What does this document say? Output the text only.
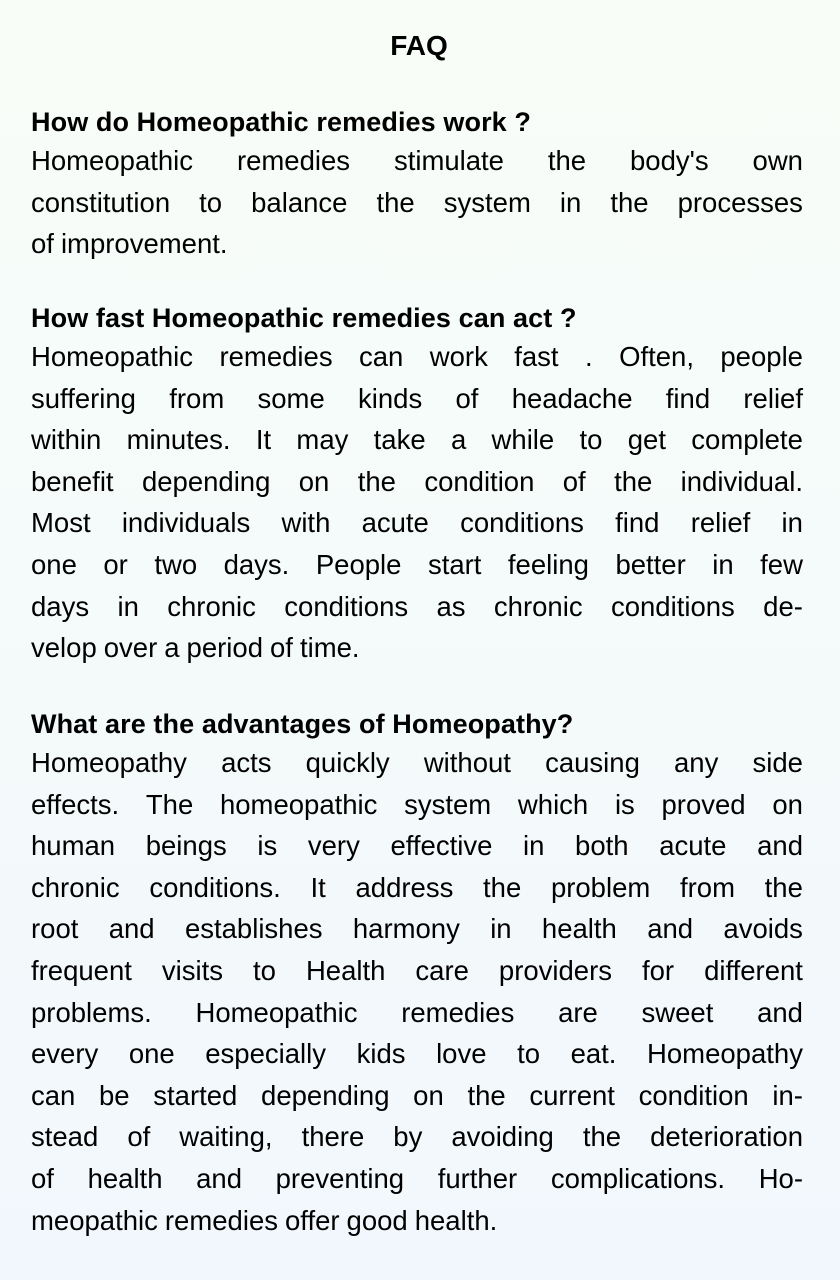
FAQ
How do Homeopathic remedies work ?
Homeopathic remedies stimulate the body's own
constitution to balance the system in the processes
of improvement.
How fast Homeopathic remedies can act ?
Homeopathic remedies can work fast . Often, people
suffering from some kinds of headache find relief
within minutes. It may take a while to get complete
benefit depending on the condition of the individual.
Most individuals with acute conditions find relief in
one or two days. People start feeling better in few
days in chronic conditions as chronic conditions de-
velop over a period of time.
What are the advantages of Homeopathy?
Homeopathy acts quickly without causing any side
effects. The homeopathic system which is proved on
human beings is very effective in both acute and
chronic conditions. It address the problem from the
root and establishes harmony in health and avoids
frequent visits to Health care providers for different
problems. Homeopathic remedies are sweet and
every one especially kids love to eat. Homeopathy
can be started depending on the current condition in-
stead of waiting, there by avoiding the deterioration
of health and preventing further complications. Ho-
meopathic remedies offer good health.
